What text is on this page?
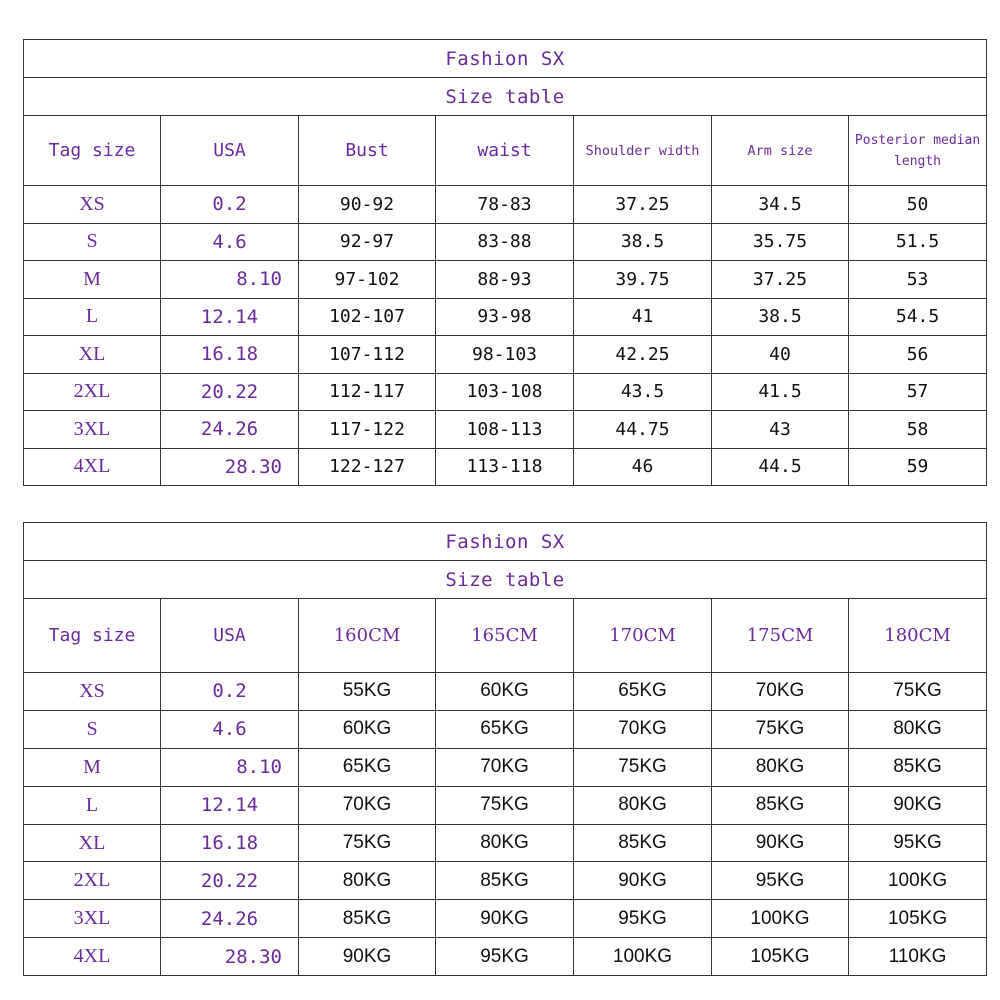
Fashion SX						
Size table						
Tag size	USA	Bust	waist	Shoulder width	Arm size	Posterior median length
XS	0.2	90-92	78-83	37.25	34.5	50
S	4.6	92-97	83-88	38.5	35.75	51.5
M	8.10	97-102	88-93	39.75	37.25	53
L	12.14	102-107	93-98	41	38.5	54.5
XL	16.18	107-112	98-103	42.25	40	56
2XL	20.22	112-117	103-108	43.5	41.5	57
3XL	24.26	117-122	108-113	44.75	43	58
4XL	28.30	122-127	113-118	46	44.5	59
Fashion SX						
Size table						
Tag size	USA	160CM	165CM	170CM	175CM	180CM
XS	0.2	55KG	60KG	65KG	70KG	75KG
S	4.6	60KG	65KG	70KG	75KG	80KG
M	8.10	65KG	70KG	75KG	80KG	85KG
L	12.14	70KG	75KG	80KG	85KG	90KG
XL	16.18	75KG	80KG	85KG	90KG	95KG
2XL	20.22	80KG	85KG	90KG	95KG	100KG
3XL	24.26	85KG	90KG	95KG	100KG	105KG
4XL	28.30	90KG	95KG	100KG	105KG	110KG
